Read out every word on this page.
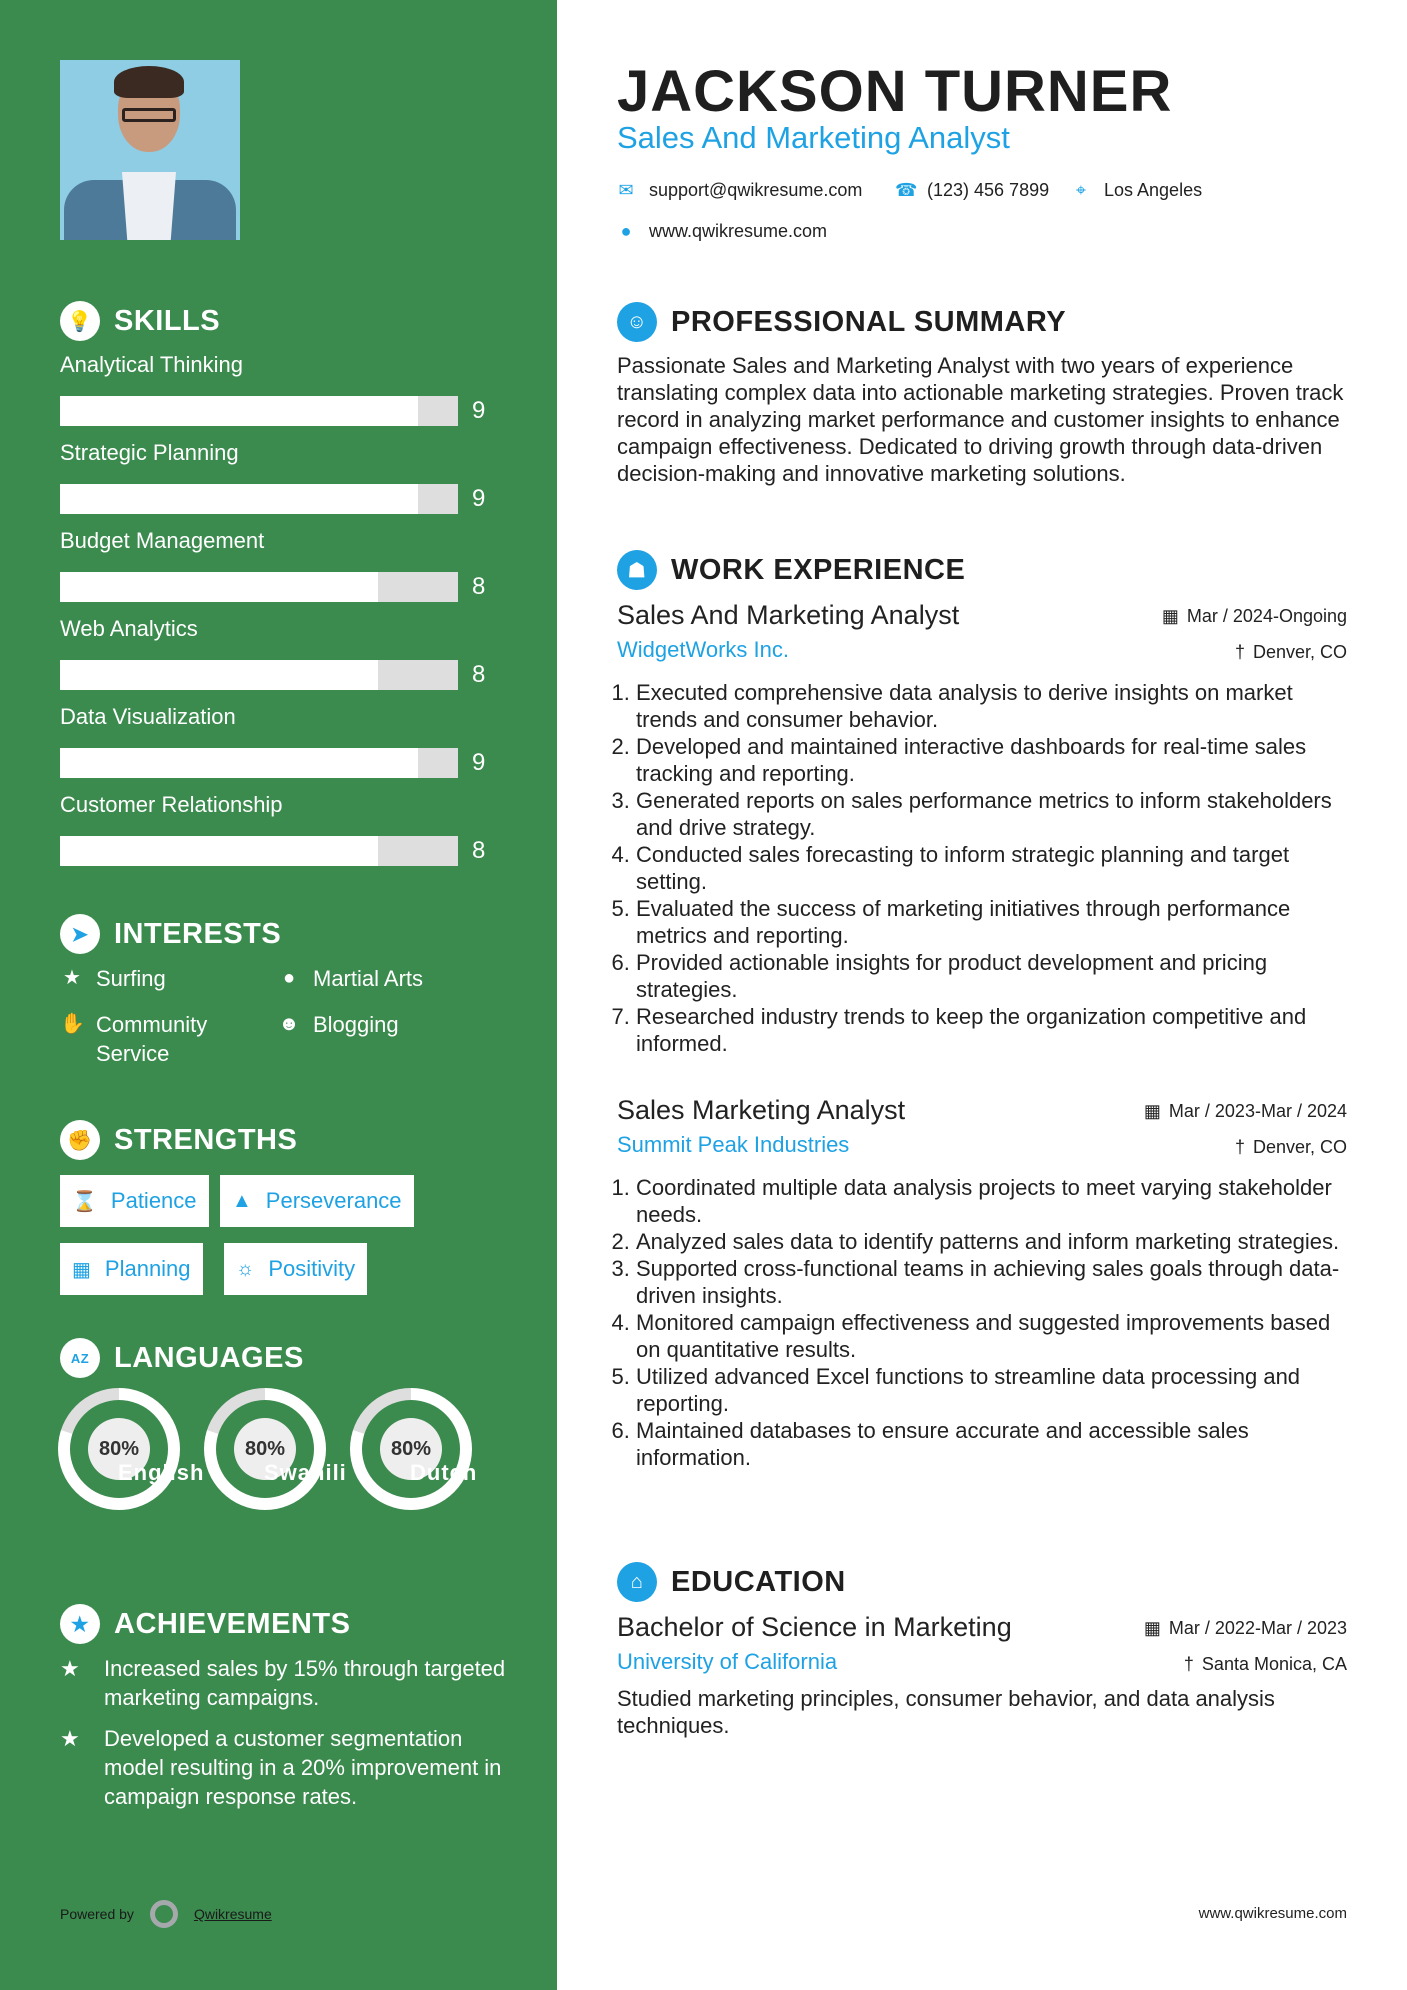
💡 SKILLS
Analytical Thinking
9
Strategic Planning
9
Budget Management
8
Web Analytics
8
Data Visualization
9
Customer Relationship
8
➤ INTERESTS
★ Surfing	● Martial Arts
✋ Community Service
☻ Blogging
✊ STRENGTHS
⌛ Patience ▲ Perseverance
▦ Planning ☼ Positivity
AZ LANGUAGES
80%
English
80%
Swahili
80%
Dutch
★ ACHIEVEMENTS
★	Increased sales by 15% through targeted marketing campaigns.
★	Developed a customer segmentation model resulting in a 20% improvement in campaign response rates.
Powered by	Qwikresume
JACKSON TURNER
Sales And Marketing Analyst
✉ support@qwikresume.com ☎ (123) 456 7899 ⌖ Los Angeles
● www.qwikresume.com
☺ PROFESSIONAL SUMMARY
Passionate Sales and Marketing Analyst with two years of experience translating complex data into actionable marketing strategies. Proven track record in analyzing market performance and customer insights to enhance campaign effectiveness. Dedicated to driving growth through data-driven decision-making and innovative marketing solutions.
☗ WORK EXPERIENCE
Sales And Marketing Analyst
WidgetWorks Inc.
▦ Mar / 2024-Ongoing
† Denver, CO
1. Executed comprehensive data analysis to derive insights on market trends and consumer behavior.
2. Developed and maintained interactive dashboards for real-time sales tracking and reporting.
3. Generated reports on sales performance metrics to inform stakeholders and drive strategy.
4. Conducted sales forecasting to inform strategic planning and target setting.
5. Evaluated the success of marketing initiatives through performance metrics and reporting.
6. Provided actionable insights for product development and pricing strategies.
7. Researched industry trends to keep the organization competitive and informed.
Sales Marketing Analyst
Summit Peak Industries
▦ Mar / 2023-Mar / 2024
† Denver, CO
1. Coordinated multiple data analysis projects to meet varying stakeholder needs.
2. Analyzed sales data to identify patterns and inform marketing strategies.
3. Supported cross-functional teams in achieving sales goals through data-driven insights.
4. Monitored campaign effectiveness and suggested improvements based on quantitative results.
5. Utilized advanced Excel functions to streamline data processing and reporting.
6. Maintained databases to ensure accurate and accessible sales information.
⌂ EDUCATION
Bachelor of Science in Marketing
University of California
▦ Mar / 2022-Mar / 2023
† Santa Monica, CA
Studied marketing principles, consumer behavior, and data analysis techniques.
www.qwikresume.com
